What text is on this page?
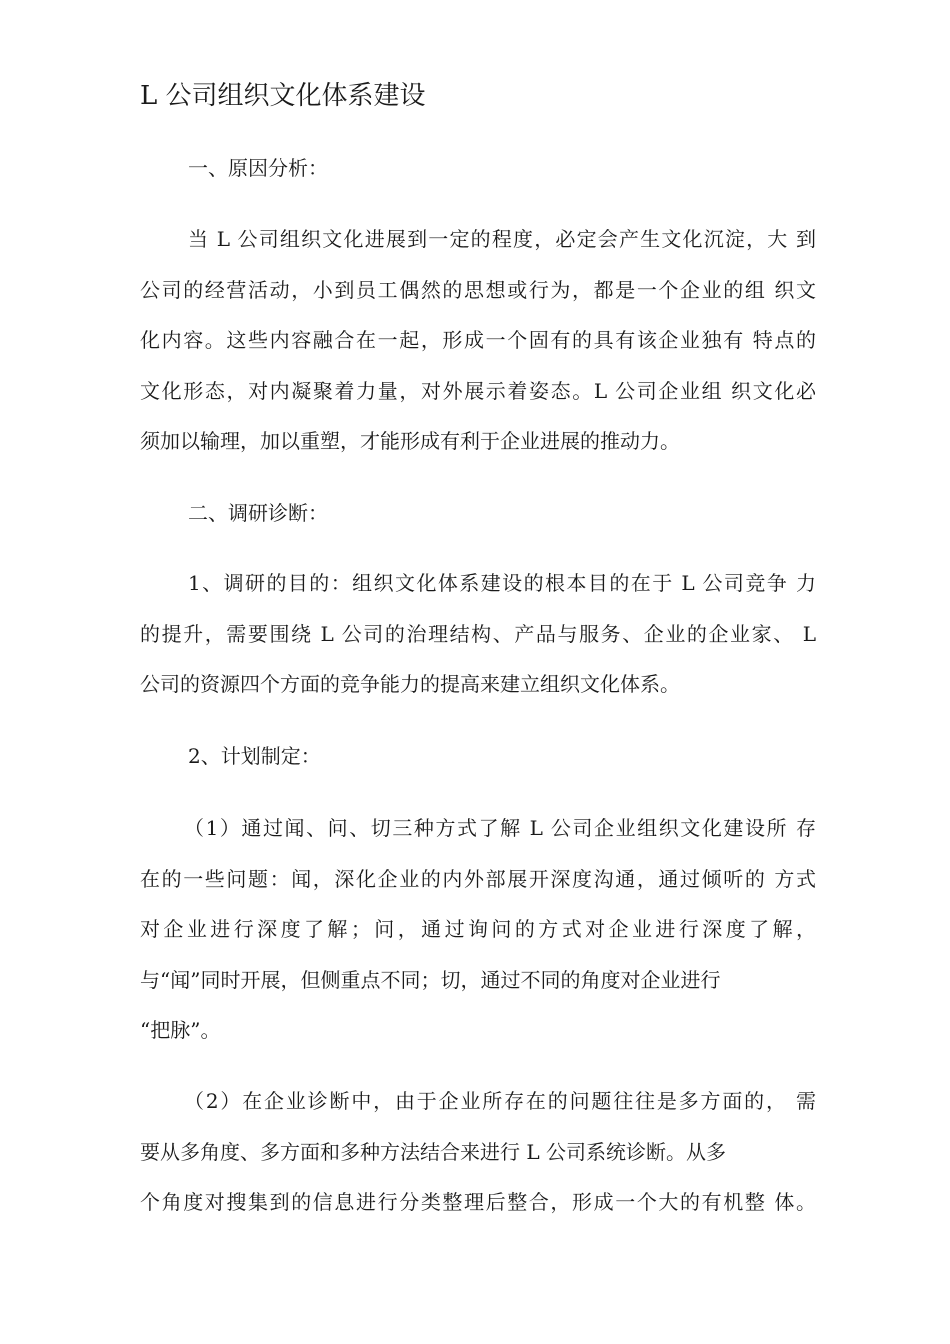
L 公司组织文化体系建设
一、原因分析：
当 L 公司组织文化进展到一定的程度，必定会产生文化沉淀，大 到
公司的经营活动，小到员工偶然的思想或行为，都是一个企业的组 织文
化内容。这些内容融合在一起，形成一个固有的具有该企业独有 特点的
文化形态，对内凝聚着力量，对外展示着姿态。L 公司企业组 织文化必
须加以输理，加以重塑，才能形成有利于企业进展的推动力。
二、调研诊断：
1、调研的目的：组织文化体系建设的根本目的在于 L 公司竞争 力
的提升，需要围绕 L 公司的治理结构、产品与服务、企业的企业家、 L
公司的资源四个方面的竞争能力的提高来建立组织文化体系。
2、计划制定：
（1）通过闻、问、切三种方式了解 L 公司企业组织文化建设所 存
在的一些问题：闻，深化企业的内外部展开深度沟通，通过倾听的 方式
对企业进行深度了解；问，通过询问的方式对企业进行深度了解，
与“闻”同时开展，但侧重点不同；切，通过不同的角度对企业进行
“把脉”。
（2）在企业诊断中，由于企业所存在的问题往往是多方面的， 需
要从多角度、多方面和多种方法结合来进行 L 公司系统诊断。从多
个角度对搜集到的信息进行分类整理后整合，形成一个大的有机整 体。
